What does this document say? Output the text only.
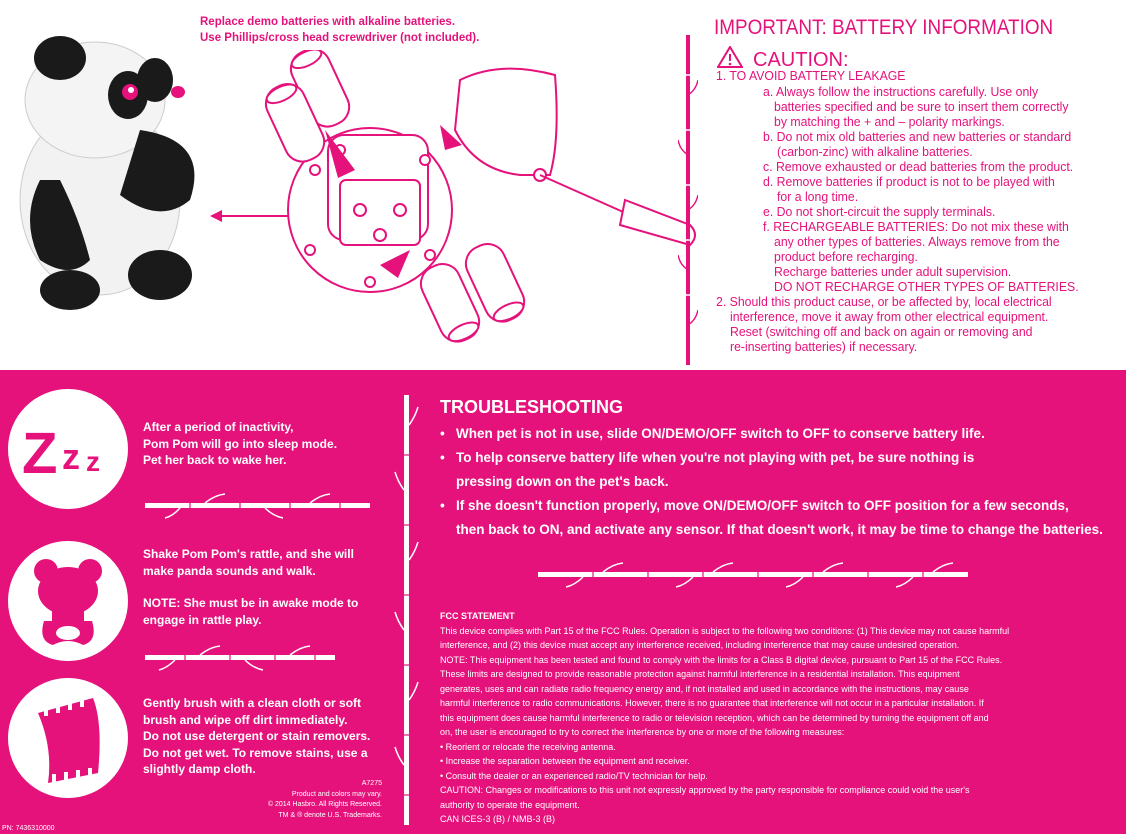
Replace demo batteries with alkaline batteries.
Use Phillips/cross head screwdriver (not included).	IMPORTANT: BATTERY INFORMATION
CAUTION:
1. TO AVOID BATTERY LEAKAGE
a. Always follow the instructions carefully. Use only
batteries specified and be sure to insert them correctly
by matching the + and – polarity markings.
b. Do not mix old batteries and new batteries or standard
(carbon-zinc) with alkaline batteries.
c. Remove exhausted or dead batteries from the product.
d. Remove batteries if product is not to be played with
for a long time.
e. Do not short-circuit the supply terminals.
f. RECHARGEABLE BATTERIES: Do not mix these with
any other types of batteries. Always remove from the
product before recharging.
Recharge batteries under adult supervision.
DO NOT RECHARGE OTHER TYPES OF BATTERIES.
2. Should this product cause, or be affected by, local electrical
interference, move it away from other electrical equipment.
Reset (switching off and back on again or removing and
re-inserting batteries) if necessary.
Z z z
After a period of inactivity,
Pom Pom will go into sleep mode.
Pet her back to wake her.
Shake Pom Pom's rattle, and she will
make panda sounds and walk.
NOTE: She must be in awake mode to
engage in rattle play.
Gently brush with a clean cloth or soft
brush and wipe off dirt immediately.
Do not use detergent or stain removers.
Do not get wet. To remove stains, use a
slightly damp cloth.
A7275
Product and colors may vary.
© 2014 Hasbro. All Rights Reserved.
TM & ® denote U.S. Trademarks.
PN: 7436310000
TROUBLESHOOTING
• When pet is not in use, slide ON/DEMO/OFF switch to OFF to conserve battery life.
• To help conserve battery life when you're not playing with pet, be sure nothing is
pressing down on the pet's back.
• If she doesn't function properly, move ON/DEMO/OFF switch to OFF position for a few seconds,
then back to ON, and activate any sensor. If that doesn't work, it may be time to change the batteries.
FCC STATEMENT
This device complies with Part 15 of the FCC Rules. Operation is subject to the following two conditions: (1) This device may not cause harmful
interference, and (2) this device must accept any interference received, including interference that may cause undesired operation.
NOTE: This equipment has been tested and found to comply with the limits for a Class B digital device, pursuant to Part 15 of the FCC Rules.
These limits are designed to provide reasonable protection against harmful interference in a residential installation. This equipment
generates, uses and can radiate radio frequency energy and, if not installed and used in accordance with the instructions, may cause
harmful interference to radio communications. However, there is no guarantee that interference will not occur in a particular installation. If
this equipment does cause harmful interference to radio or television reception, which can be determined by turning the equipment off and
on, the user is encouraged to try to correct the interference by one or more of the following measures:
• Reorient or relocate the receiving antenna.
• Increase the separation between the equipment and receiver.
• Consult the dealer or an experienced radio/TV technician for help.
CAUTION: Changes or modifications to this unit not expressly approved by the party responsible for compliance could void the user's
authority to operate the equipment.
CAN ICES-3 (B) / NMB-3 (B)
